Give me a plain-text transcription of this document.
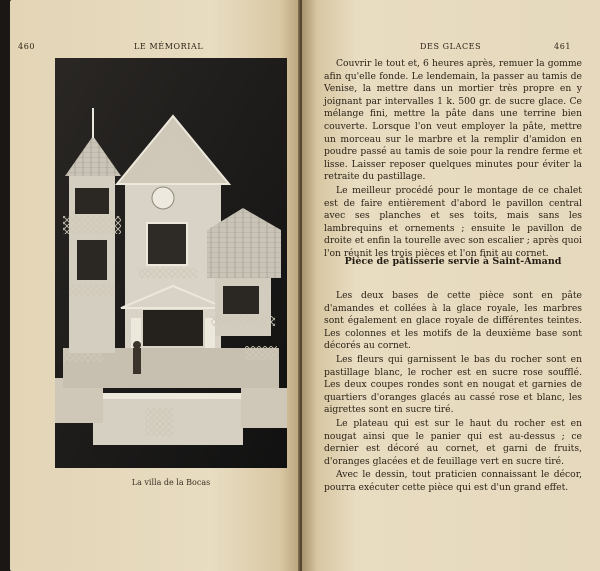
460	LE MÉMORIAL
La villa de la Bocas
DES GLACES	461

Couvrir le tout et, 6 heures après, remuer la gomme afin qu'elle fonde. Le lendemain, la passer au tamis de Venise, la mettre dans un mortier très propre en y joignant par intervalles 1 k. 500 gr. de sucre glace. Ce mélange fini, mettre la pâte dans une terrine bien couverte. Lorsque l'on veut employer la pâte, mettre un morceau sur le marbre et la remplir d'amidon en poudre passé au tamis de soie pour la rendre ferme et lisse. Laisser reposer quelques minutes pour éviter la retraite du pastillage.

Le meilleur procédé pour le montage de ce chalet est de faire entièrement d'abord le pavillon central avec ses planches et ses toits, mais sans les lambrequins et ornements ; ensuite le pavillon de droite et enfin la tourelle avec son escalier ; après quoi l'on réunit les trois pièces et l'on finit au cornet.

Pièce de pâtisserie servie à Saint-Amand

Les deux bases de cette pièce sont en pâte d'amandes et collées à la glace royale, les marbres sont également en glace royale de différentes teintes. Les colonnes et les motifs de la deuxième base sont décorés au cornet.

Les fleurs qui garnissent le bas du rocher sont en pastillage blanc, le rocher est en sucre rose soufflé. Les deux coupes rondes sont en nougat et garnies de quartiers d'oranges glacés au cassé rose et blanc, les aigrettes sont en sucre tiré.

Le plateau qui est sur le haut du rocher est en nougat ainsi que le panier qui est au-dessus ; ce dernier est décoré au cornet, et garni de fruits, d'oranges glacées et de feuillage vert en sucre tiré.

Avec le dessin, tout praticien connaissant le décor, pourra exécuter cette pièce qui est d'un grand effet.
